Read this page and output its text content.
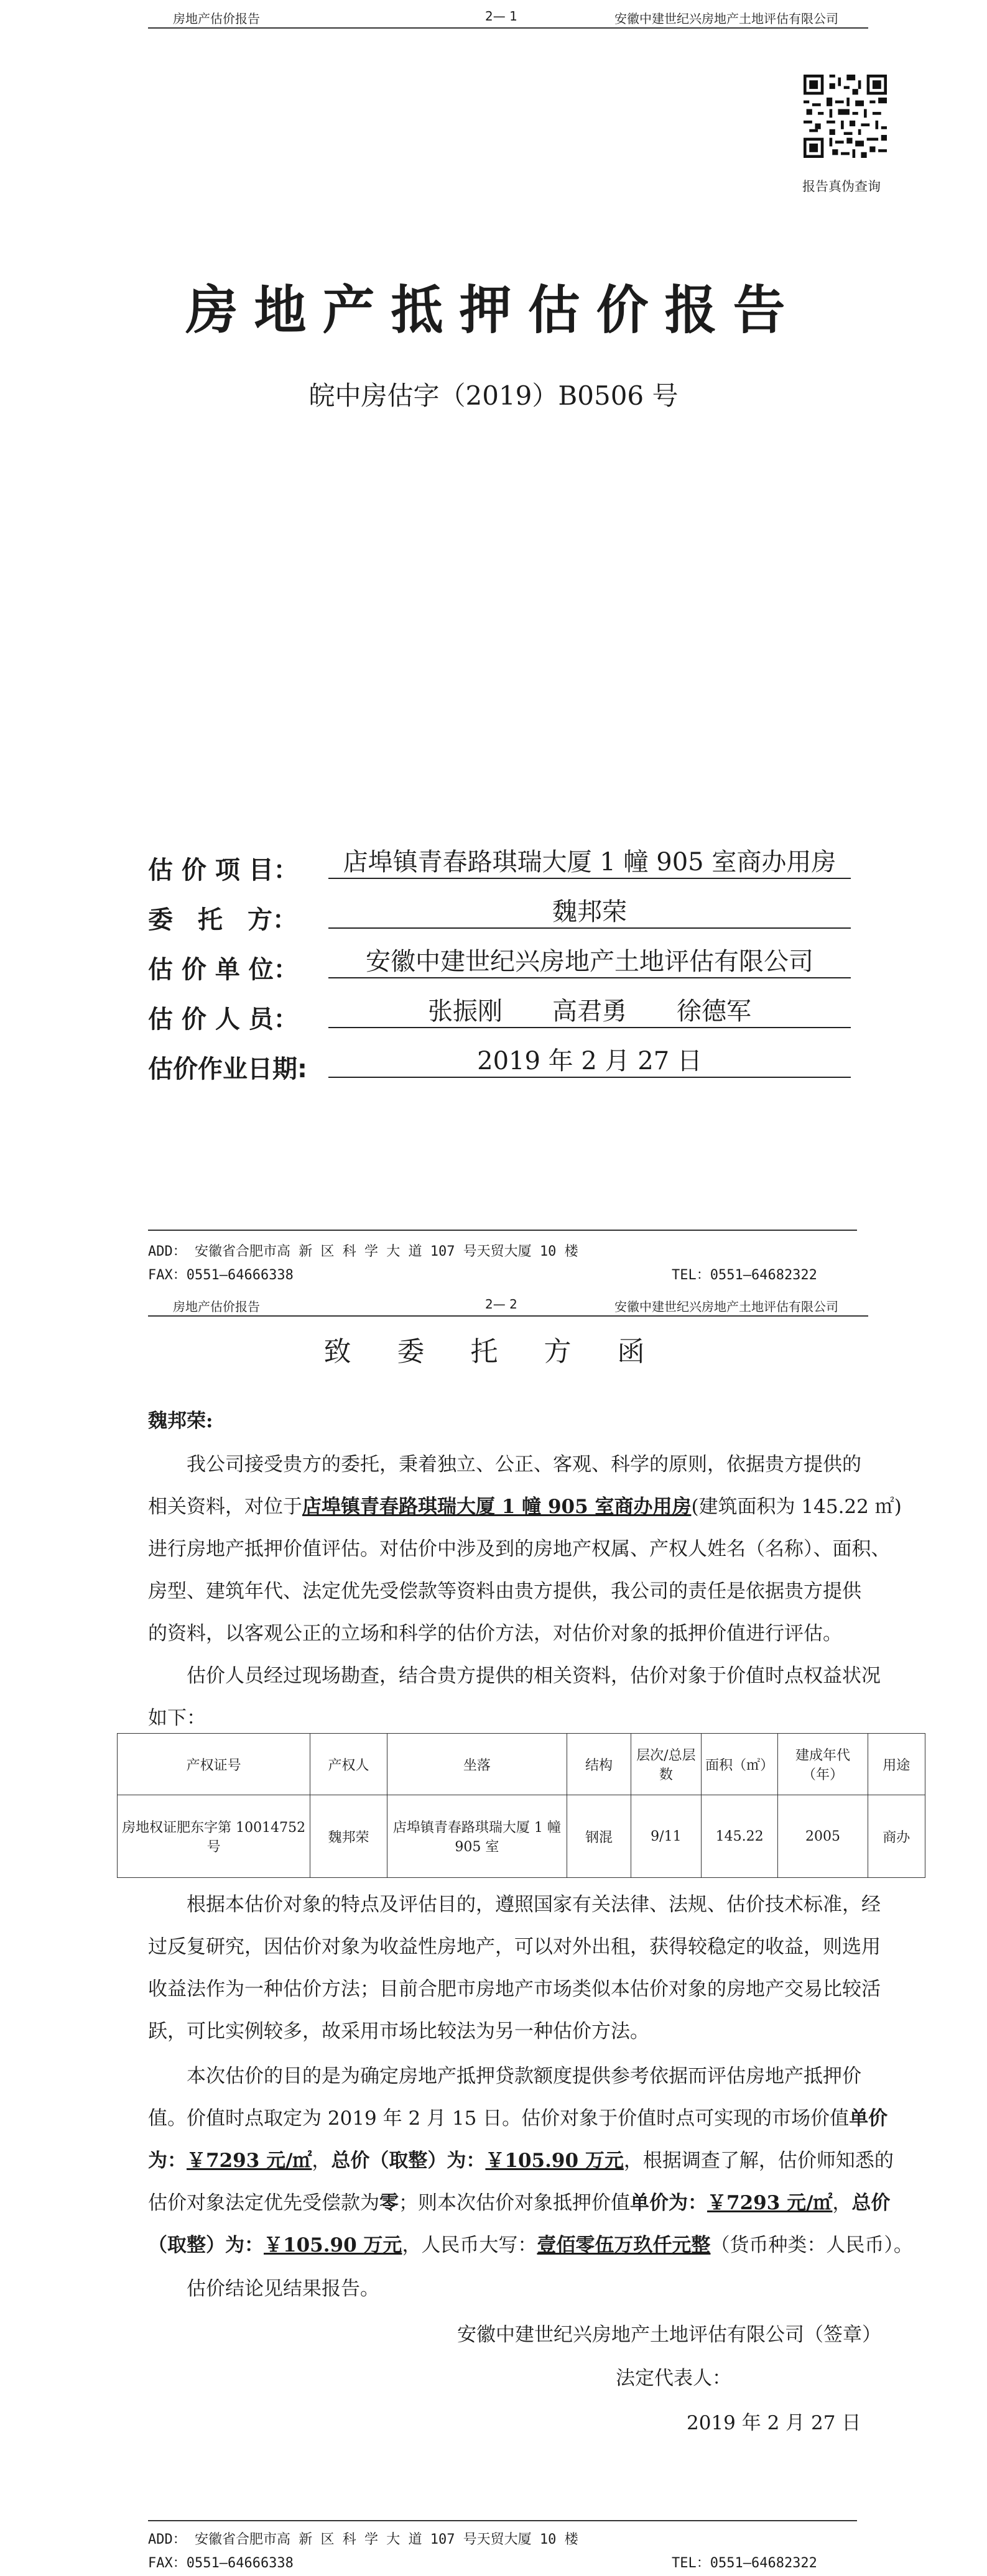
房地产估价报告	2— 1	安徽中建世纪兴房地产土地评估有限公司
报告真伪查询
房地产抵押估价报告
皖中房估字（2019）B0506 号
估 价 项 目：	店埠镇青春路琪瑞大厦 1 幢 905 室商办用房
委　托　方：	魏邦荣
估 价 单 位：	安徽中建世纪兴房地产土地评估有限公司
估 价 人 员：	张振刚　　高君勇　　徐德军
估价作业日期:	2019 年 2 月 27 日
ADD： 安徽省合肥市高 新 区 科 学 大 道 107 号天贸大厦 10 楼
FAX：0551—64666338	TEL：0551—64682322
房地产估价报告	2— 2	安徽中建世纪兴房地产土地评估有限公司
致 委 托 方 函
魏邦荣:
我公司接受贵方的委托，秉着独立、公正、客观、科学的原则，依据贵方提供的
相关资料，对位于店埠镇青春路琪瑞大厦 1 幢 905 室商办用房(建筑面积为 145.22 ㎡)
进行房地产抵押价值评估。对估价中涉及到的房地产权属、产权人姓名（名称）、面积、
房型、建筑年代、法定优先受偿款等资料由贵方提供，我公司的责任是依据贵方提供
的资料，以客观公正的立场和科学的估价方法，对估价对象的抵押价值进行评估。
估价人员经过现场勘查，结合贵方提供的相关资料，估价对象于价值时点权益状况
如下：
产权证号	产权人	坐落	结构	层次/总层数	面积（㎡）	建成年代（年）	用途
房地权证肥东字第 10014752 号	魏邦荣	店埠镇青春路琪瑞大厦 1 幢 905 室	钢混	9/11	145.22	2005	商办
根据本估价对象的特点及评估目的，遵照国家有关法律、法规、估价技术标准，经
过反复研究，因估价对象为收益性房地产，可以对外出租，获得较稳定的收益，则选用
收益法作为一种估价方法；目前合肥市房地产市场类似本估价对象的房地产交易比较活
跃，可比实例较多，故采用市场比较法为另一种估价方法。
本次估价的目的是为确定房地产抵押贷款额度提供参考依据而评估房地产抵押价
值。价值时点取定为 2019 年 2 月 15 日。估价对象于价值时点可实现的市场价值单价
为：￥7293 元/㎡，总价（取整）为：￥105.90 万元，根据调查了解，估价师知悉的
估价对象法定优先受偿款为零；则本次估价对象抵押价值单价为：￥7293 元/㎡，总价
（取整）为：￥105.90 万元，人民币大写：壹佰零伍万玖仟元整（货币种类：人民币）。
估价结论见结果报告。
安徽中建世纪兴房地产土地评估有限公司（签章）
法定代表人：
2019 年 2 月 27 日
ADD： 安徽省合肥市高 新 区 科 学 大 道 107 号天贸大厦 10 楼
FAX：0551—64666338	TEL：0551—64682322
